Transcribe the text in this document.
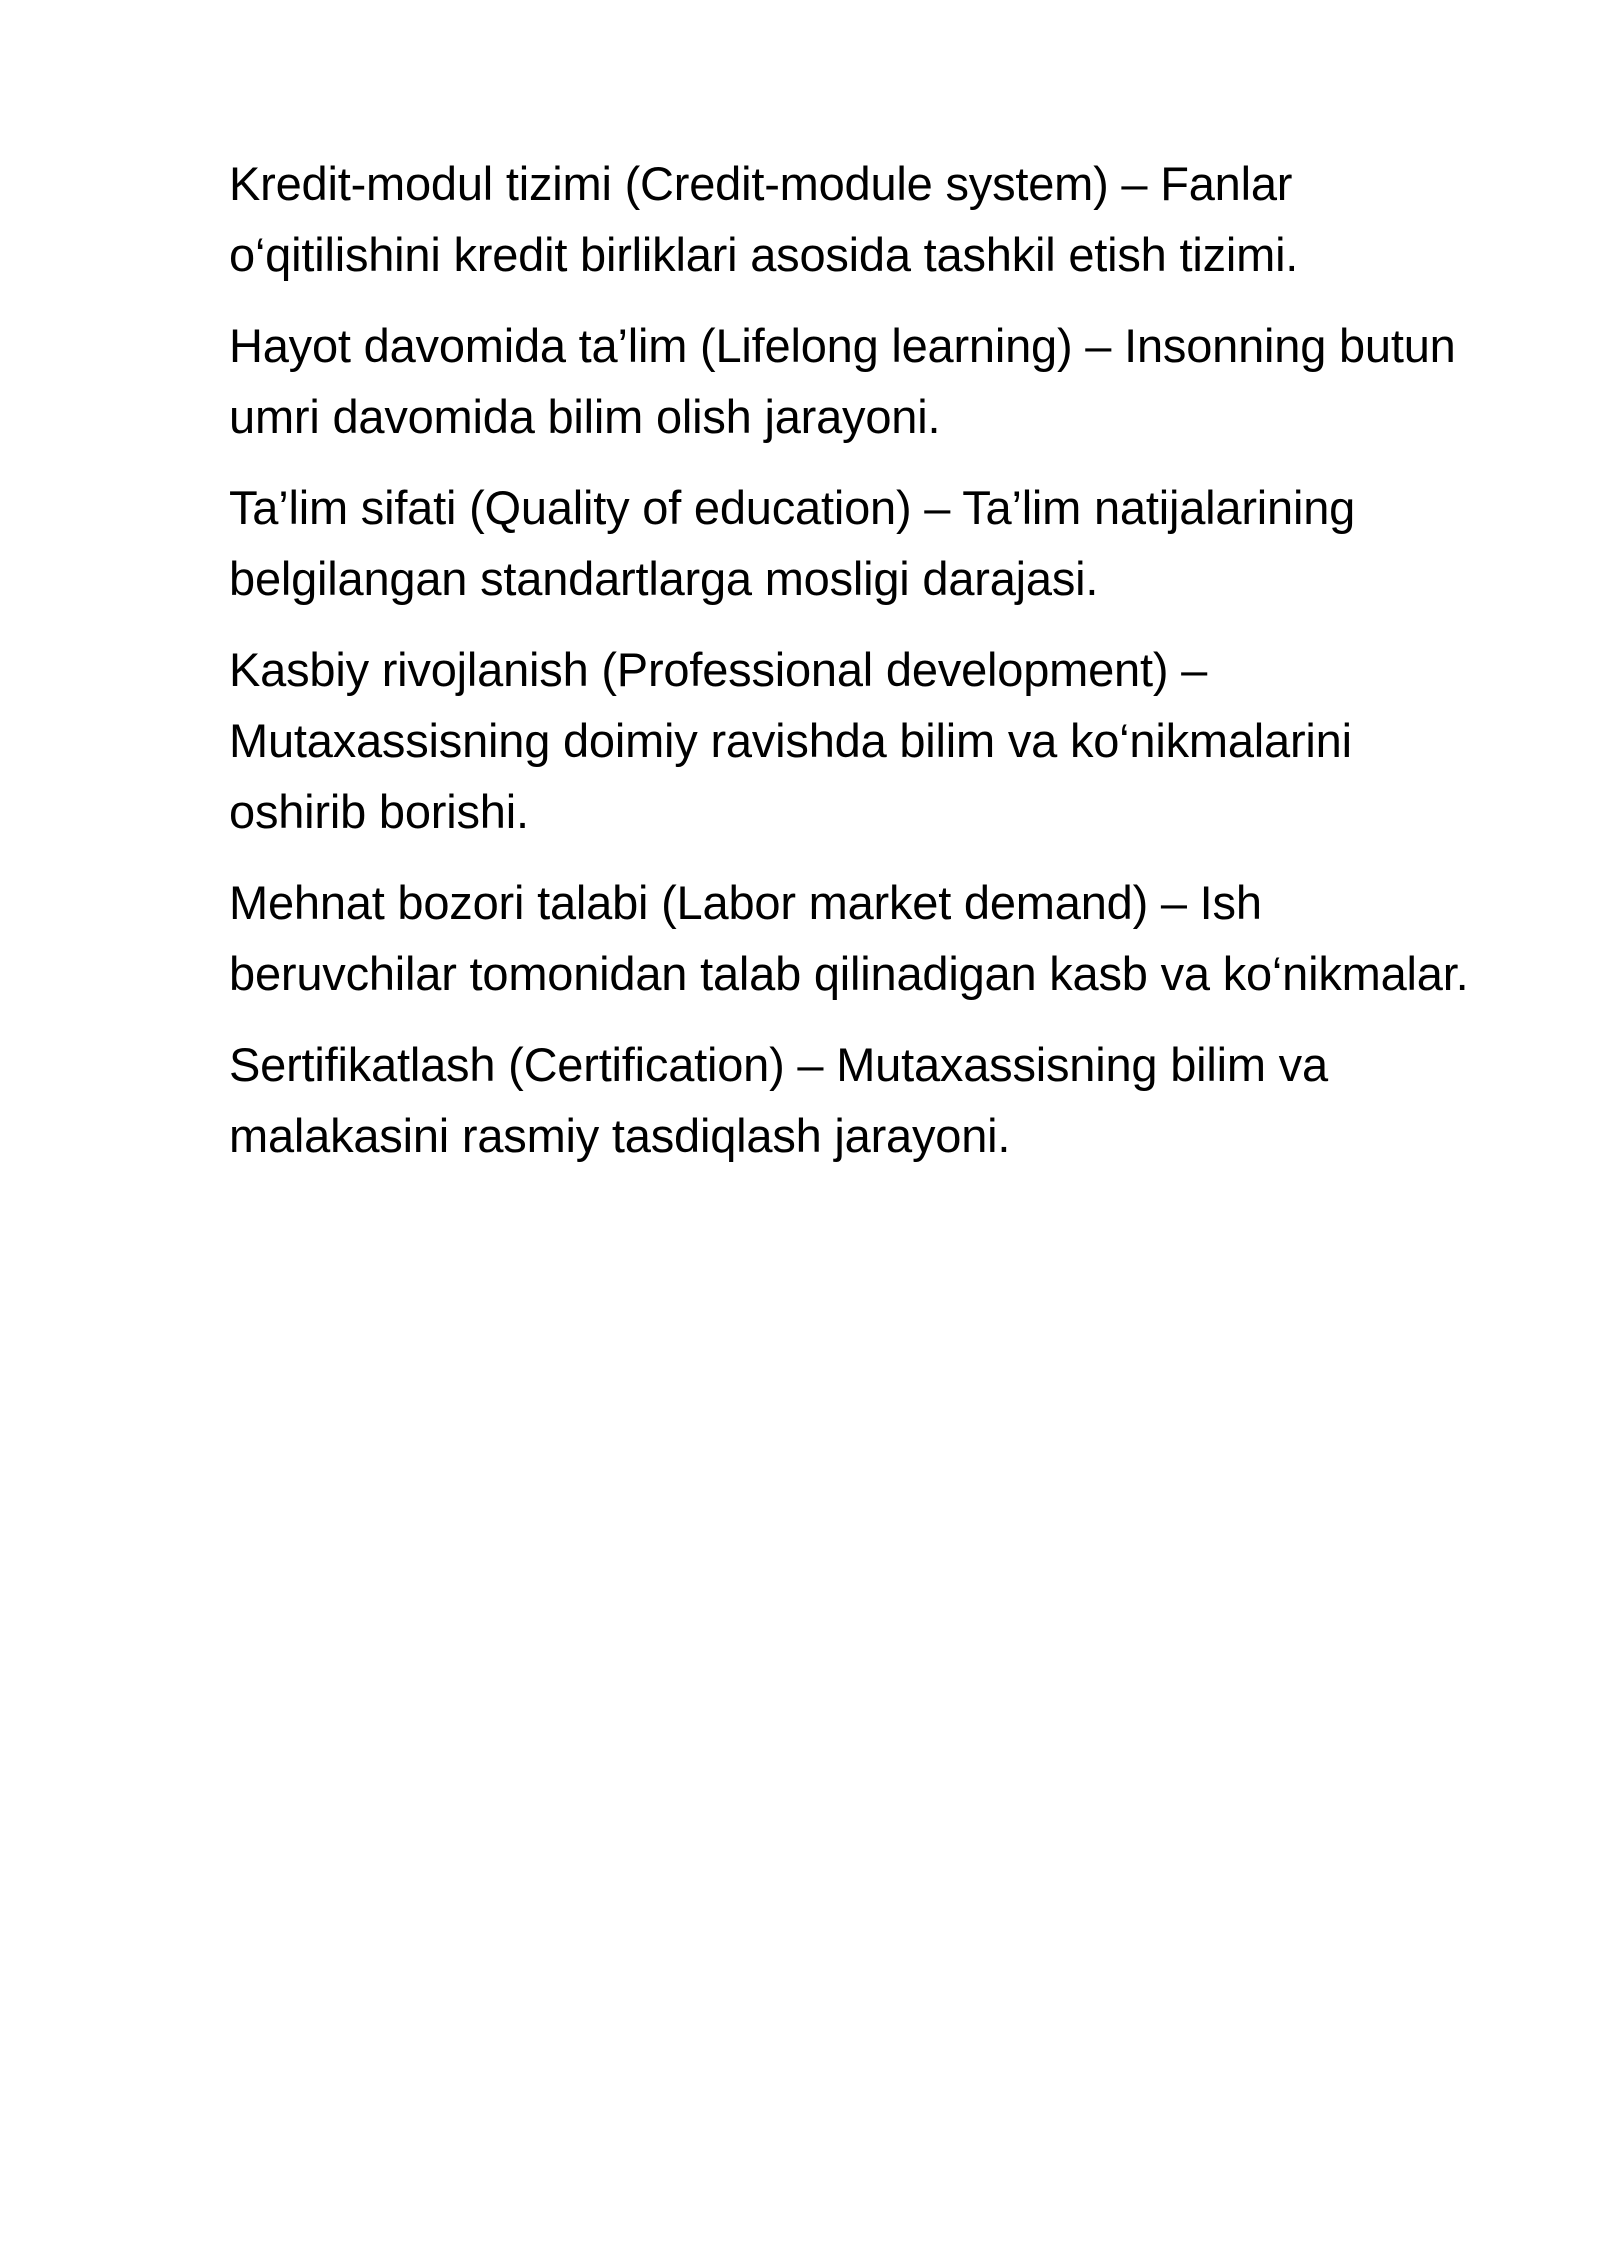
Kredit-modul tizimi (Credit-module system) – Fanlar o‘qitilishini kredit birliklari asosida tashkil etish tizimi.

Hayot davomida ta’lim (Lifelong learning) – Insonning butun umri davomida bilim olish jarayoni.

Ta’lim sifati (Quality of education) – Ta’lim natijalarining belgilangan standartlarga mosligi darajasi.

Kasbiy rivojlanish (Professional development) – Mutaxassisning doimiy ravishda bilim va ko‘nikmalarini oshirib borishi.

Mehnat bozori talabi (Labor market demand) – Ish beruvchilar tomonidan talab qilinadigan kasb va ko‘nikmalar.

Sertifikatlash (Certification) – Mutaxassisning bilim va malakasini rasmiy tasdiqlash jarayoni.
